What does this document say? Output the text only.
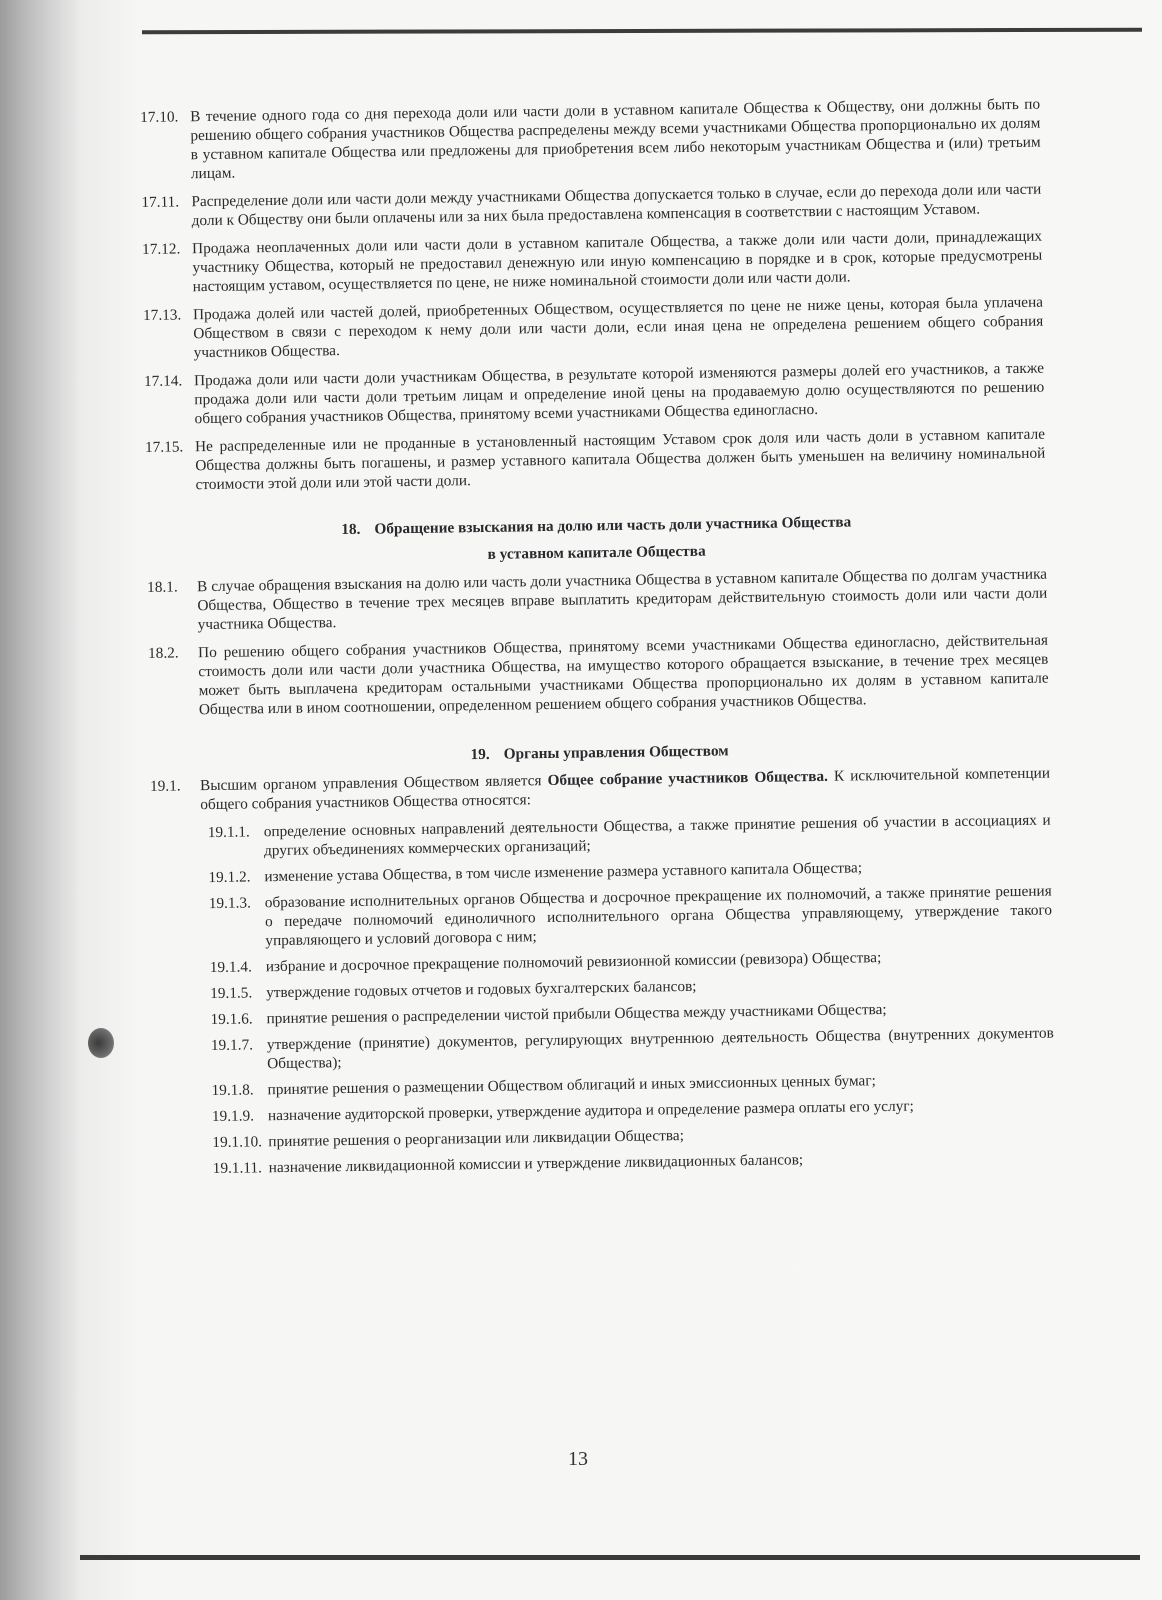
17.10. В течение одного года со дня перехода доли или части доли в уставном капитале Общества к Обществу, они должны быть по решению общего собрания участников Общества распределены между всеми участниками Общества пропорционально их долям в уставном капитале Общества или предложены для приобретения всем либо некоторым участникам Общества и (или) третьим лицам.
17.11. Распределение доли или части доли между участниками Общества допускается только в случае, если до перехода доли или части доли к Обществу они были оплачены или за них была предоставлена компенсация в соответствии с настоящим Уставом.
17.12. Продажа неоплаченных доли или части доли в уставном капитале Общества, а также доли или части доли, принадлежащих участнику Общества, который не предоставил денежную или иную компенсацию в порядке и в срок, которые предусмотрены настоящим уставом, осуществляется по цене, не ниже номинальной стоимости доли или части доли.
17.13. Продажа долей или частей долей, приобретенных Обществом, осуществляется по цене не ниже цены, которая была уплачена Обществом в связи с переходом к нему доли или части доли, если иная цена не определена решением общего собрания участников Общества.
17.14. Продажа доли или части доли участникам Общества, в результате которой изменяются размеры долей его участников, а также продажа доли или части доли третьим лицам и определение иной цены на продаваемую долю осуществляются по решению общего собрания участников Общества, принятому всеми участниками Общества единогласно.
17.15. Не распределенные или не проданные в установленный настоящим Уставом срок доля или часть доли в уставном капитале Общества должны быть погашены, и размер уставного капитала Общества должен быть уменьшен на величину номинальной стоимости этой доли или этой части доли.

18. Обращение взыскания на долю или часть доли участника Общества

в уставном капитале Общества

18.1. В случае обращения взыскания на долю или часть доли участника Общества в уставном капитале Общества по долгам участника Общества, Общество в течение трех месяцев вправе выплатить кредиторам действительную стоимость доли или части доли участника Общества.
18.2. По решению общего собрания участников Общества, принятому всеми участниками Общества единогласно, действительная стоимость доли или части доли участника Общества, на имущество которого обращается взыскание, в течение трех месяцев может быть выплачена кредиторам остальными участниками Общества пропорционально их долям в уставном капитале Общества или в ином соотношении, определенном решением общего собрания участников Общества.

19. Органы управления Обществом

19.1. Высшим органом управления Обществом является Общее собрание участников Общества. К исключительной компетенции общего собрания участников Общества относятся:
19.1.1. определение основных направлений деятельности Общества, а также принятие решения об участии в ассоциациях и других объединениях коммерческих организаций;
19.1.2. изменение устава Общества, в том числе изменение размера уставного капитала Общества;
19.1.3. образование исполнительных органов Общества и досрочное прекращение их полномочий, а также принятие решения о передаче полномочий единоличного исполнительного органа Общества управляющему, утверждение такого управляющего и условий договора с ним;
19.1.4. избрание и досрочное прекращение полномочий ревизионной комиссии (ревизора) Общества;
19.1.5. утверждение годовых отчетов и годовых бухгалтерских балансов;
19.1.6. принятие решения о распределении чистой прибыли Общества между участниками Общества;
19.1.7. утверждение (принятие) документов, регулирующих внутреннюю деятельность Общества (внутренних документов Общества);
19.1.8. принятие решения о размещении Обществом облигаций и иных эмиссионных ценных бумаг;
19.1.9. назначение аудиторской проверки, утверждение аудитора и определение размера оплаты его услуг;
19.1.10. принятие решения о реорганизации или ликвидации Общества;
19.1.11. назначение ликвидационной комиссии и утверждение ликвидационных балансов;
13
